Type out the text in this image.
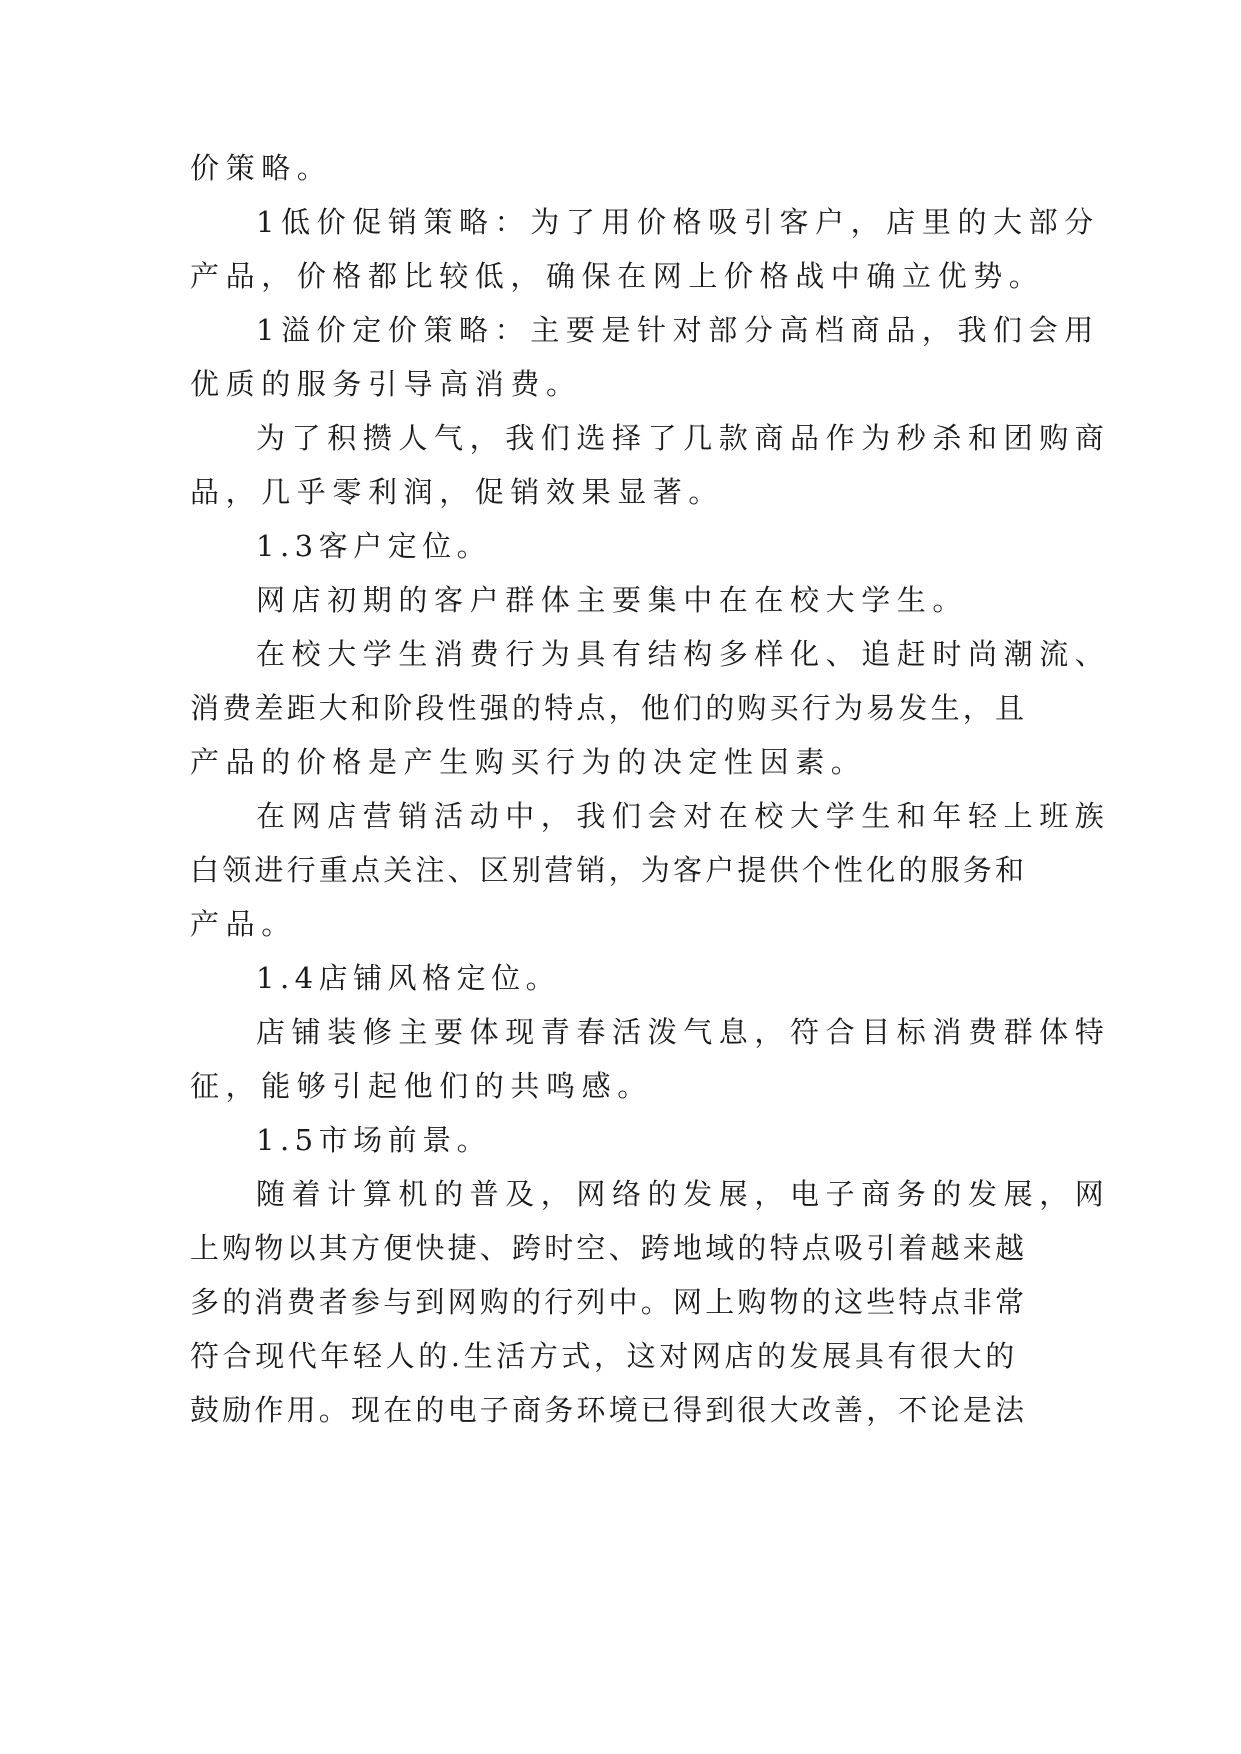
价策略。
1低价促销策略：为了用价格吸引客户，店里的大部分
产品，价格都比较低，确保在网上价格战中确立优势。
1溢价定价策略：主要是针对部分高档商品，我们会用
优质的服务引导高消费。
为了积攒人气，我们选择了几款商品作为秒杀和团购商
品，几乎零利润，促销效果显著。
1.3客户定位。
网店初期的客户群体主要集中在在校大学生。
在校大学生消费行为具有结构多样化、追赶时尚潮流、
消费差距大和阶段性强的特点，他们的购买行为易发生，且
产品的价格是产生购买行为的决定性因素。
在网店营销活动中，我们会对在校大学生和年轻上班族
白领进行重点关注、区别营销，为客户提供个性化的服务和
产品。
1.4店铺风格定位。
店铺装修主要体现青春活泼气息，符合目标消费群体特
征，能够引起他们的共鸣感。
1.5市场前景。
随着计算机的普及，网络的发展，电子商务的发展，网
上购物以其方便快捷、跨时空、跨地域的特点吸引着越来越
多的消费者参与到网购的行列中。网上购物的这些特点非常
符合现代年轻人的.生活方式，这对网店的发展具有很大的
鼓励作用。现在的电子商务环境已得到很大改善，不论是法
